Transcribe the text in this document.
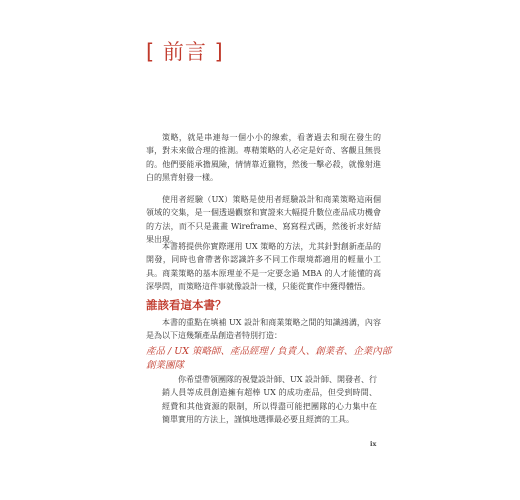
[ 前言 ]

策略，就是串連每一個小小的線索，看著過去和現在發生的事，對未來做合理的推測。專精策略的人必定是好奇、客觀且無畏的。他們要能承擔風險，情情靠近獵物，然後一擊必殺，就像射進白的黑背射發一樣。

使用者經驗（UX）策略是使用者經驗設計和商業策略這兩個領域的交集，是一個透過觀察和實證來大幅提升數位產品成功機會的方法，而不只是畫畫 Wireframe、寫寫程式碼，然後祈求好結果出現。

本書將提供你實際運用 UX 策略的方法，尤其針對創新產品的開發，同時也會帶著你認識許多不同工作環境都適用的輕量小工具。商業策略的基本原理並不是一定要念過 MBA 的人才能懂的高深學問，而策略這件事就像設計一樣，只能從實作中獲得體悟。

誰該看這本書？

本書的重點在填補 UX 設計和商業策略之間的知識鴻溝，內容是為以下這幾類產品創造者特別打造：

產品 / UX 策略師、產品經理 / 負責人、創業者、企業內部創業團隊

你希望帶領團隊的視覺設計師、UX 設計師、開發者、行銷人員等成員創造擁有超棒 UX 的成功產品，但受到時間、經費和其他資源的限制，所以得盡可能把團隊的心力集中在簡單實用的方法上，謹慎地選擇最必要且經濟的工具。

ix
